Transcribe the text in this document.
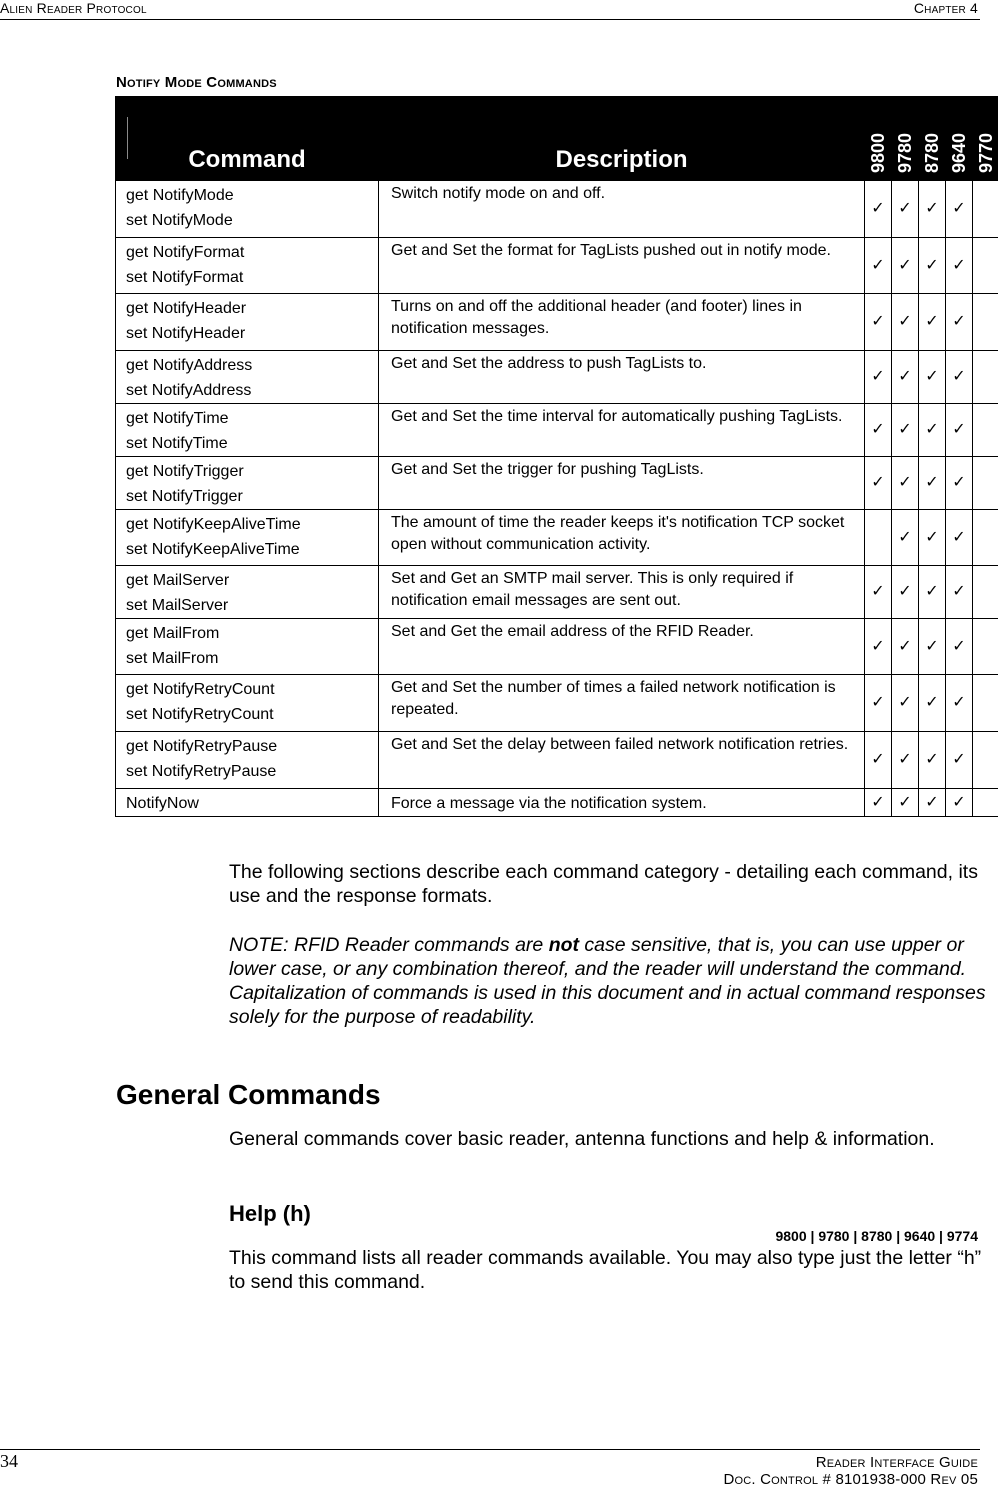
Alien Reader Protocol	Chapter 4
Notify Mode Commands
Command	Description	9800	9780	8780	9640	9770

get NotifyMode
set NotifyMode	Switch notify mode on and off.	✓	✓	✓	✓	

get NotifyFormat
set NotifyFormat	Get and Set the format for TagLists pushed out in notify mode.	✓	✓	✓	✓	

get NotifyHeader
set NotifyHeader	Turns on and off the additional header (and footer) lines in notification messages.	✓	✓	✓	✓	

get NotifyAddress
set NotifyAddress	Get and Set the address to push TagLists to.	✓	✓	✓	✓	

get NotifyTime
set NotifyTime	Get and Set the time interval for automatically pushing TagLists.	✓	✓	✓	✓	

get NotifyTrigger
set NotifyTrigger	Get and Set the trigger for pushing TagLists.	✓	✓	✓	✓	

get NotifyKeepAliveTime
set NotifyKeepAliveTime	The amount of time the reader keeps it's notification TCP socket open without communication activity.		✓	✓	✓	

get MailServer
set MailServer	Set and Get an SMTP mail server. This is only required if notification email messages are sent out.	✓	✓	✓	✓	

get MailFrom
set MailFrom	Set and Get the email address of the RFID Reader.	✓	✓	✓	✓	

get NotifyRetryCount
set NotifyRetryCount	Get and Set the number of times a failed network notification is repeated.	✓	✓	✓	✓	

get NotifyRetryPause
set NotifyRetryPause	Get and Set the delay between failed network notification retries.	✓	✓	✓	✓	

NotifyNow	Force a message via the notification system.	✓	✓	✓	✓	
The following sections describe each command category - detailing each command, its use and the response formats.
NOTE: RFID Reader commands are not case sensitive, that is, you can use upper or lower case, or any combination thereof, and the reader will understand the command. Capitalization of commands is used in this document and in actual command responses solely for the purpose of readability.
General Commands
General commands cover basic reader, antenna functions and help & information.
Help (h)
9800 | 9780 | 8780 | 9640 | 9774
This command lists all reader commands available. You may also type just the letter “h” to send this command.
34	Reader Interface Guide
Doc. Control # 8101938-000 Rev 05
